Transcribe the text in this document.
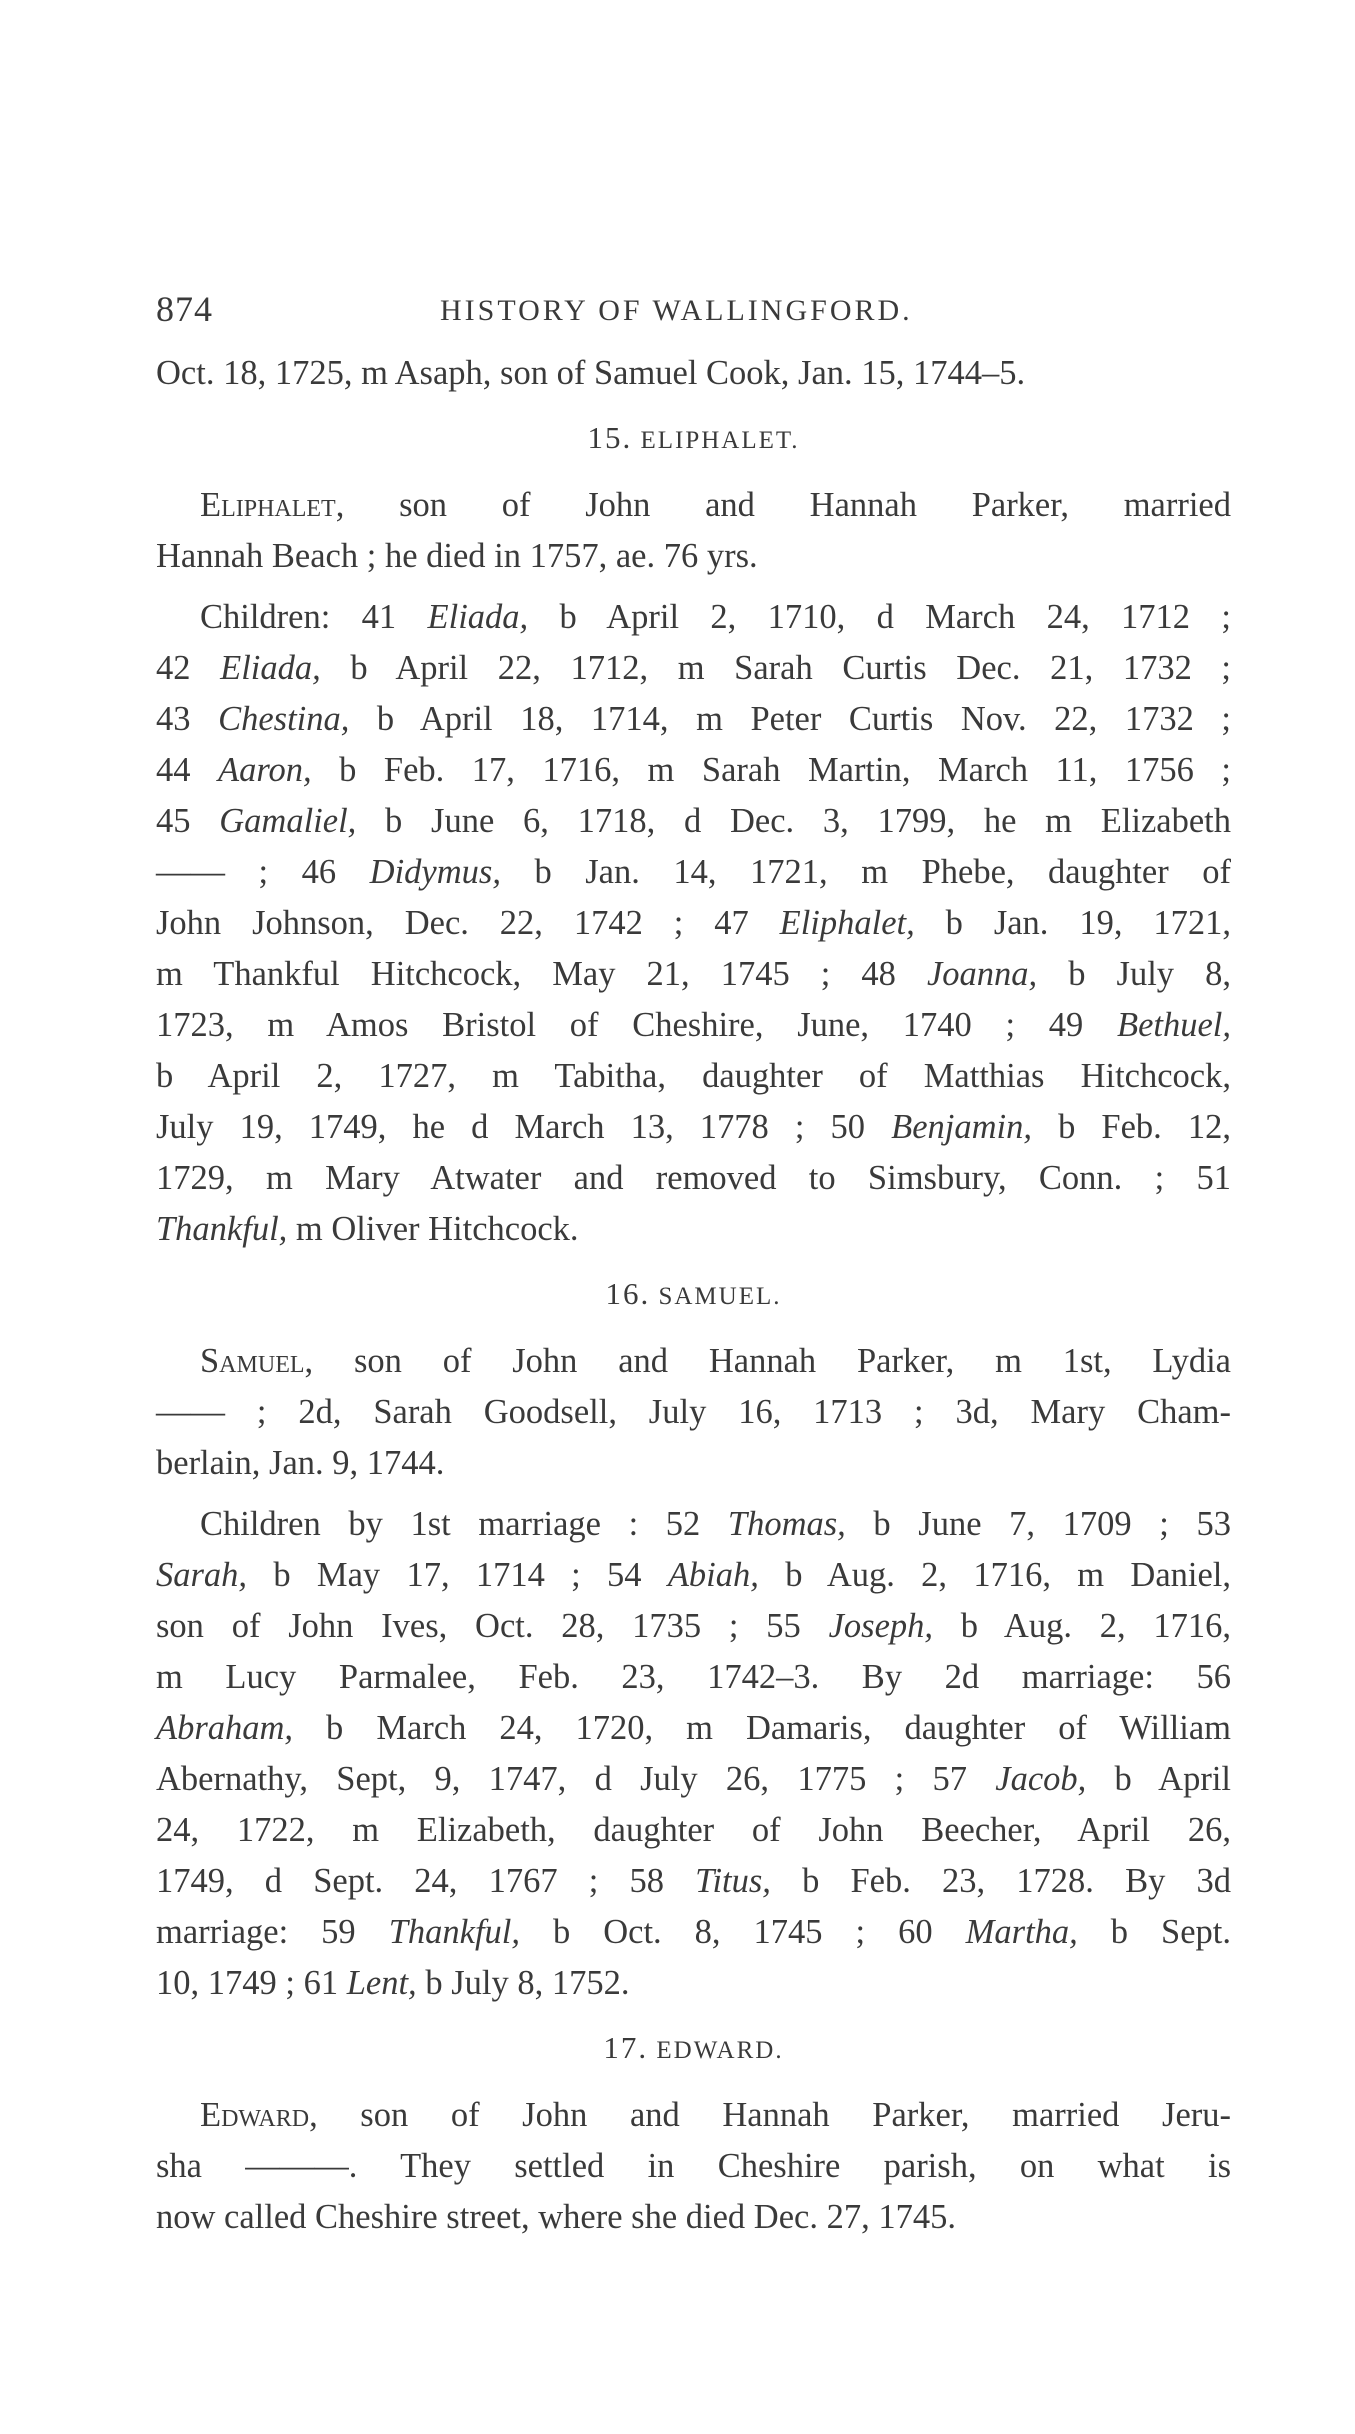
874	HISTORY OF WALLINGFORD.
Oct. 18, 1725, m Asaph, son of Samuel Cook, Jan. 15, 1744–5.
15. ELIPHALET.
Eliphalet, son of John and Hannah Parker, married
Hannah Beach ; he died in 1757, ae. 76 yrs.
Children: 41 Eliada, b April 2, 1710, d March 24, 1712 ;
42 Eliada, b April 22, 1712, m Sarah Curtis Dec. 21, 1732 ;
43 Chestina, b April 18, 1714, m Peter Curtis Nov. 22, 1732 ;
44 Aaron, b Feb. 17, 1716, m Sarah Martin, March 11, 1756 ;
45 Gamaliel, b June 6, 1718, d Dec. 3, 1799, he m Elizabeth
—— ; 46 Didymus, b Jan. 14, 1721, m Phebe, daughter of
John Johnson, Dec. 22, 1742 ; 47 Eliphalet, b Jan. 19, 1721,
m Thankful Hitchcock, May 21, 1745 ; 48 Joanna, b July 8,
1723, m Amos Bristol of Cheshire, June, 1740 ; 49 Bethuel,
b April 2, 1727, m Tabitha, daughter of Matthias Hitchcock,
July 19, 1749, he d March 13, 1778 ; 50 Benjamin, b Feb. 12,
1729, m Mary Atwater and removed to Simsbury, Conn. ; 51
Thankful, m Oliver Hitchcock.
16. SAMUEL.
Samuel, son of John and Hannah Parker, m 1st, Lydia
—— ; 2d, Sarah Goodsell, July 16, 1713 ; 3d, Mary Cham-
berlain, Jan. 9, 1744.
Children by 1st marriage : 52 Thomas, b June 7, 1709 ; 53
Sarah, b May 17, 1714 ; 54 Abiah, b Aug. 2, 1716, m Daniel,
son of John Ives, Oct. 28, 1735 ; 55 Joseph, b Aug. 2, 1716,
m Lucy Parmalee, Feb. 23, 1742–3. By 2d marriage: 56
Abraham, b March 24, 1720, m Damaris, daughter of William
Abernathy, Sept, 9, 1747, d July 26, 1775 ; 57 Jacob, b April
24, 1722, m Elizabeth, daughter of John Beecher, April 26,
1749, d Sept. 24, 1767 ; 58 Titus, b Feb. 23, 1728. By 3d
marriage: 59 Thankful, b Oct. 8, 1745 ; 60 Martha, b Sept.
10, 1749 ; 61 Lent, b July 8, 1752.
17. EDWARD.
Edward, son of John and Hannah Parker, married Jeru-
sha ———. They settled in Cheshire parish, on what is
now called Cheshire street, where she died Dec. 27, 1745.
